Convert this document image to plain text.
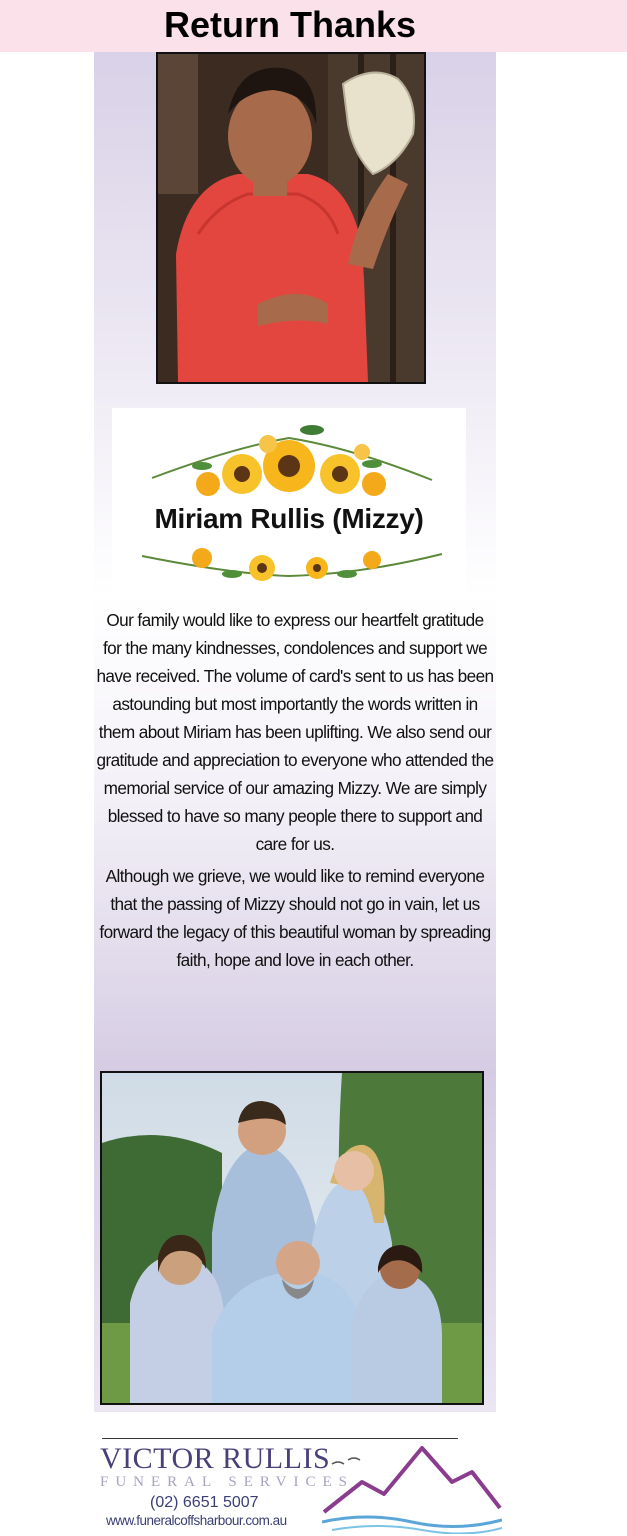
Return Thanks
Miriam Rullis (Mizzy)

Our family would like to express our heartfelt gratitude for the many kindnesses, condolences and support we have received. The volume of card's sent to us has been astounding but most importantly the words written in them about Miriam has been uplifting. We also send our gratitude and appreciation to everyone who attended the memorial service of our amazing Mizzy. We are simply blessed to have so many people there to support and care for us.

Although we grieve, we would like to remind everyone that the passing of Mizzy should not go in vain, let us forward the legacy of this beautiful woman by spreading faith, hope and love in each other.

VICTOR RULLIS
FUNERAL SERVICES
(02) 6651 5007
www.funeralcoffsharbour.com.au
